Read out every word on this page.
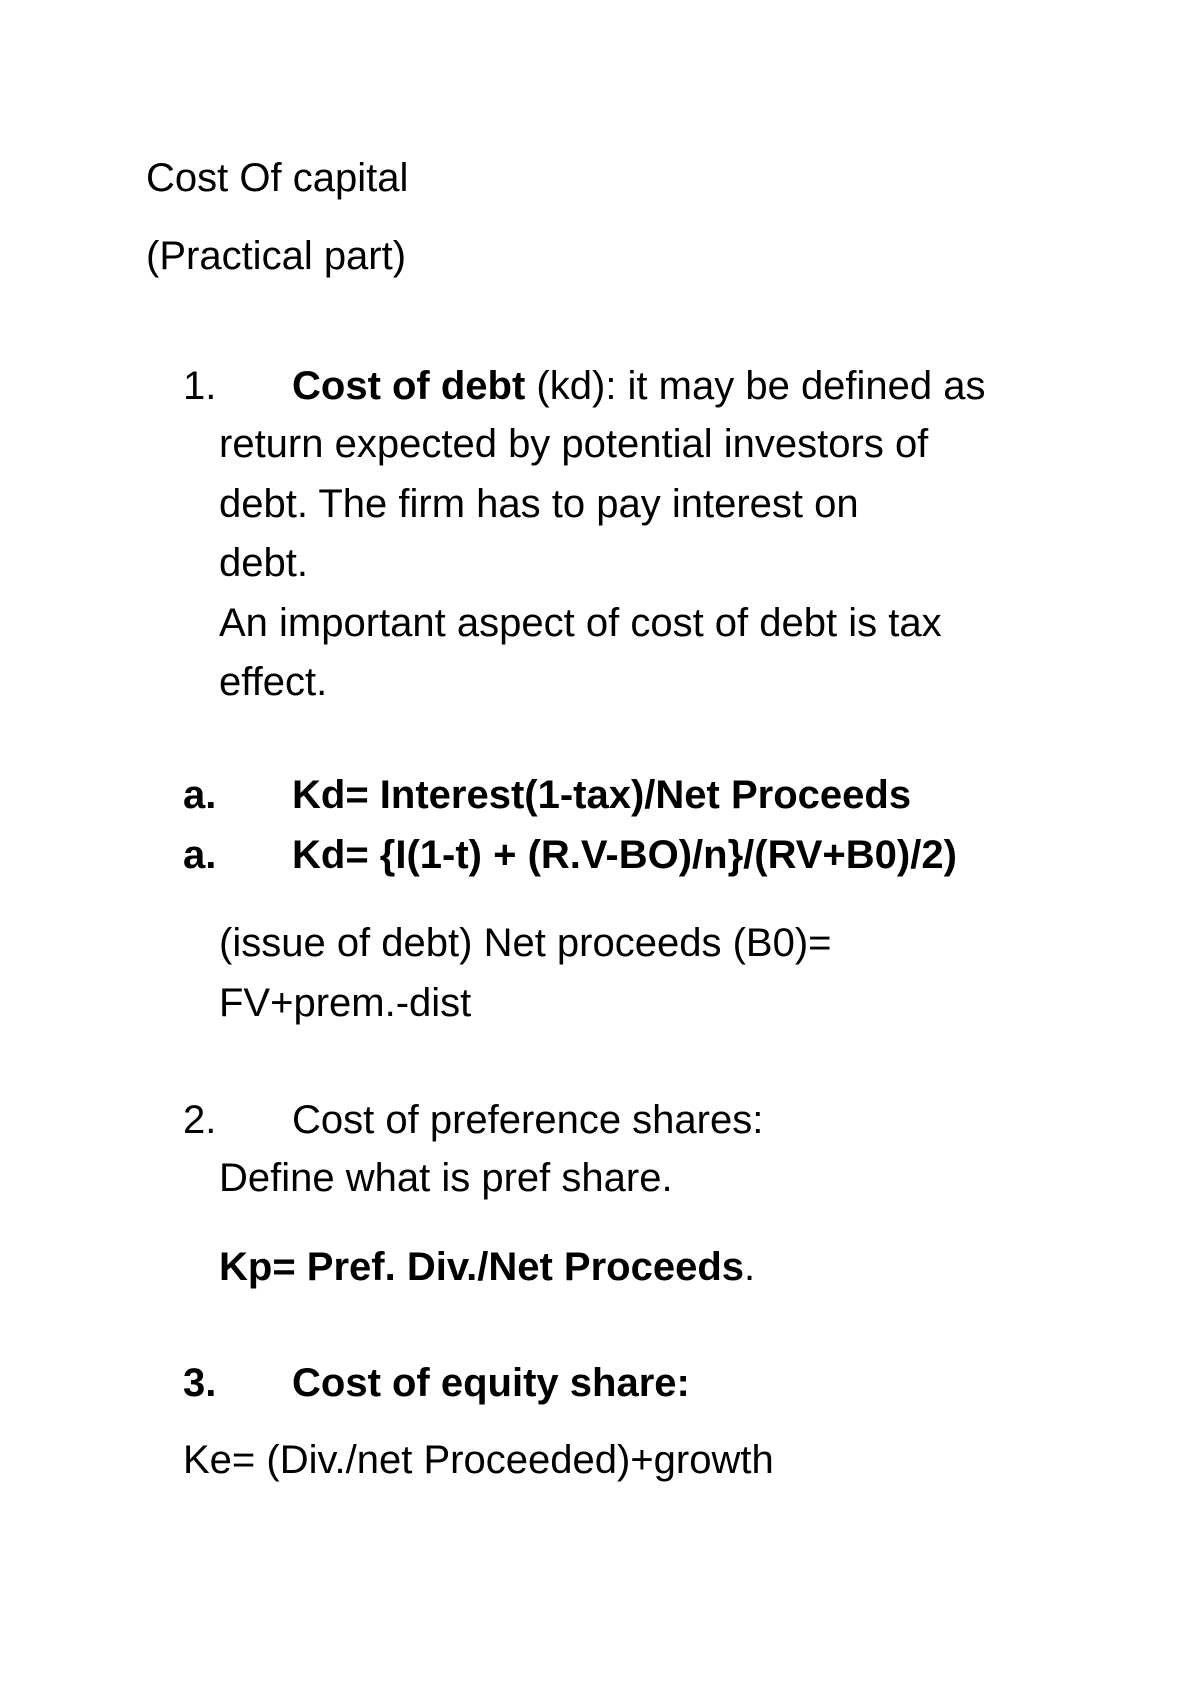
Cost Of capital
(Practical part)
1. Cost of debt (kd): it may be defined as
return expected by potential investors of
debt. The firm has to pay interest on
debt.
An important aspect of cost of debt is tax
effect.
a. Kd= Interest(1-tax)/Net Proceeds
a. Kd= {I(1-t) + (R.V-BO)/n}/(RV+B0)/2)
(issue of debt) Net proceeds (B0)=
FV+prem.-dist
2. Cost of preference shares:
Define what is pref share.
Kp= Pref. Div./Net Proceeds.
3. Cost of equity share:
Ke= (Div./net Proceeded)+growth
